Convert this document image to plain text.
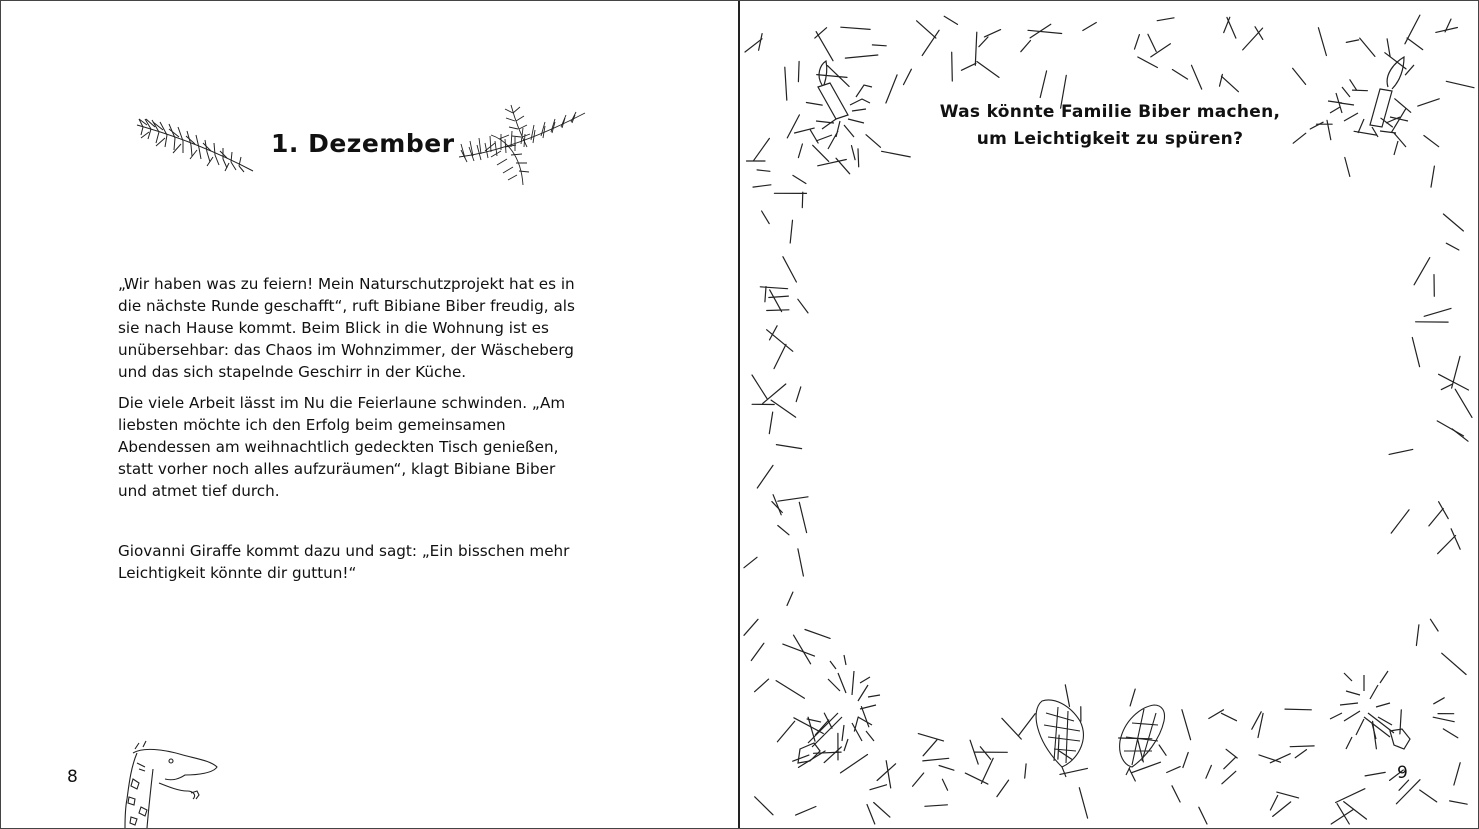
1. Dezember

„Wir haben was zu feiern! Mein Naturschutzprojekt hat es in die nächste Runde geschafft“, ruft Bibiane Biber freudig, als sie nach Hause kommt. Beim Blick in die Wohnung ist es unübersehbar: das Chaos im Wohnzimmer, der Wäscheberg und das sich stapelnde Geschirr in der Küche.

Die viele Arbeit lässt im Nu die Feierlaune schwinden. „Am liebsten möchte ich den Erfolg beim gemeinsamen Abendessen am weihnachtlich gedeckten Tisch genießen, statt vorher noch alles aufzuräumen“, klagt Bibiane Biber und atmet tief durch.

Giovanni Giraffe kommt dazu und sagt: „Ein bisschen mehr Leichtigkeit könnte dir guttun!“

8
Was könnte Familie Biber machen,
um Leichtigkeit zu spüren?
9
